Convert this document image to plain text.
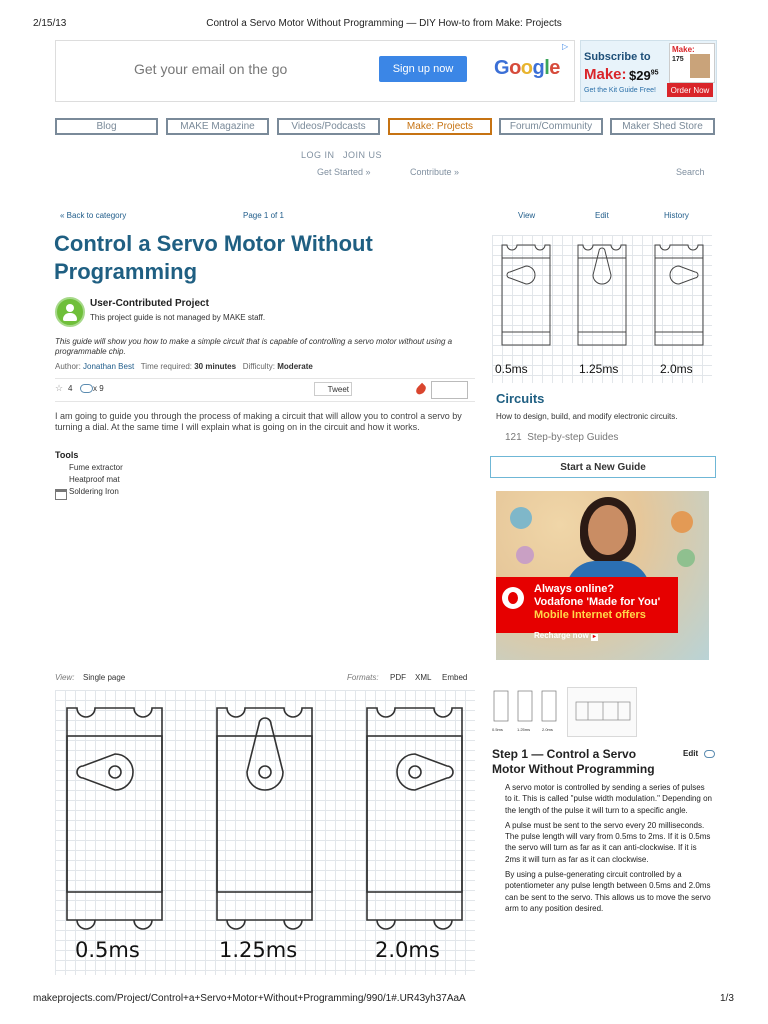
2/15/13	Control a Servo Motor Without Programming — DIY How-to from Make: Projects
Get your email on the go	Sign up now	Google
▷
Subscribe to
Make: $\$29^{95}$
Get the Kit Guide Free!
Make:
175
Order Now
Blog	MAKE Magazine	Videos/Podcasts	Make: Projects	Forum/Community	Maker Shed Store
LOG IN JOIN US
Get Started »	Contribute »	Search
« Back to category	Page 1 of 1	View	Edit	History
Control a Servo Motor Without
Programming
User-Contributed Project
This project guide is not managed by MAKE staff.
This guide will show you how to make a simple circuit that is capable of controlling a servo motor without using a programmable chip.
Author: Jonathan Best Time required: 30 minutes Difficulty: Moderate
☆ 4	x 9	Tweet
I am going to guide you through the process of making a circuit that will allow you to control a servo by turning a dial. At the same time I will explain what is going on in the circuit and how it works.
Tools
Fume extractor
Heatproof mat
Soldering Iron
View: Single page	Formats: PDF XML Embed
0.5ms	1.25ms	2.0ms
0.5ms	1.25ms	2.0ms
Circuits
How to design, build, and modify electronic circuits.
121 Step-by-step Guides
Start a New Guide
Always online?
Vodafone 'Made for You'
Mobile Internet offers
Recharge now ▸
0.5ms	1.25ms	2.0ms
Step 1 — Control a Servo
Motor Without Programming
Edit
A servo motor is controlled by sending a series of pulses to it. This is called "pulse width modulation." Depending on the length of the pulse it will turn to a specific angle.
A pulse must be sent to the servo every 20 milliseconds. The pulse length will vary from 0.5ms to 2ms. If it is 0.5ms the servo will turn as far as it can anti-clockwise. If it is 2ms it will turn as far as it can clockwise.
By using a pulse-generating circuit controlled by a potentiometer any pulse length between 0.5ms and 2.0ms can be sent to the servo. This allows us to move the servo arm to any position desired.
makeprojects.com/Project/Control+a+Servo+Motor+Without+Programming/990/1#.UR43yh37AaA	1/3
